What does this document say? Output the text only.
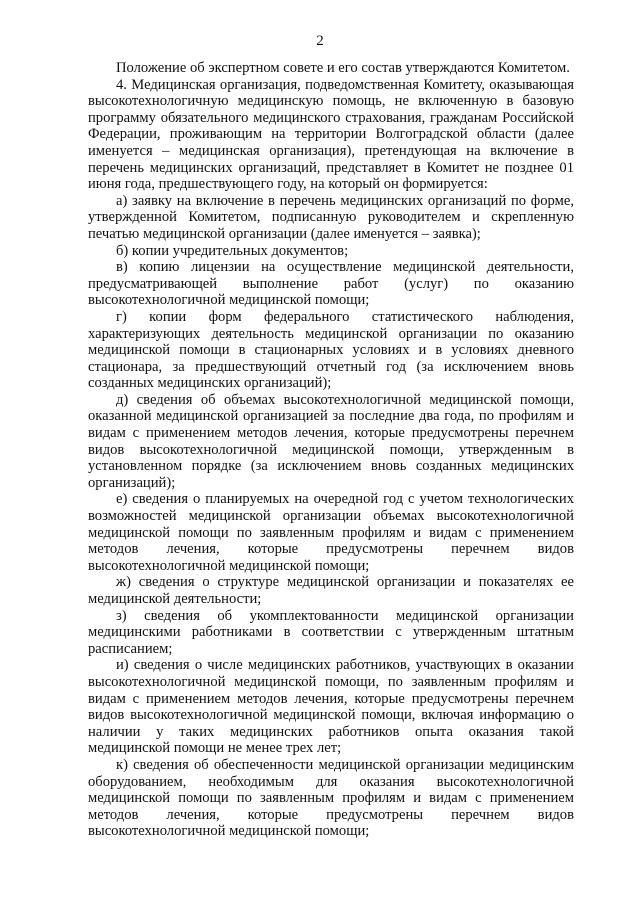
2

Положение об экспертном совете и его состав утверждаются Комитетом.

4. Медицинская организация, подведомственная Комитету, оказывающая высокотехнологичную медицинскую помощь, не включенную в базовую программу обязательного медицинского страхования, гражданам Российской Федерации, проживающим на территории Волгоградской области (далее именуется – медицинская организация), претендующая на включение в перечень медицинских организаций, представляет в Комитет не позднее 01 июня года, предшествующего году, на который он формируется:

а) заявку на включение в перечень медицинских организаций по форме, утвержденной Комитетом, подписанную руководителем и скрепленную печатью медицинской организации (далее именуется – заявка);

б) копии учредительных документов;

в) копию лицензии на осуществление медицинской деятельности, предусматривающей выполнение работ (услуг) по оказанию высокотехнологичной медицинской помощи;

г) копии форм федерального статистического наблюдения, характеризующих деятельность медицинской организации по оказанию медицинской помощи в стационарных условиях и в условиях дневного стационара, за предшествующий отчетный год (за исключением вновь созданных медицинских организаций);

д) сведения об объемах высокотехнологичной медицинской помощи, оказанной медицинской организацией за последние два года, по профилям и видам с применением методов лечения, которые предусмотрены перечнем видов высокотехнологичной медицинской помощи, утвержденным в установленном порядке (за исключением вновь созданных медицинских организаций);

е) сведения о планируемых на очередной год с учетом технологических возможностей медицинской организации объемах высокотехнологичной медицинской помощи по заявленным профилям и видам с применением методов лечения, которые предусмотрены перечнем видов высокотехнологичной медицинской помощи;

ж) сведения о структуре медицинской организации и показателях ее медицинской деятельности;

з) сведения об укомплектованности медицинской организации медицинскими работниками в соответствии с утвержденным штатным расписанием;

и) сведения о числе медицинских работников, участвующих в оказании высокотехнологичной медицинской помощи, по заявленным профилям и видам с применением методов лечения, которые предусмотрены перечнем видов высокотехнологичной медицинской помощи, включая информацию о наличии у таких медицинских работников опыта оказания такой медицинской помощи не менее трех лет;

к) сведения об обеспеченности медицинской организации медицинским оборудованием, необходимым для оказания высокотехнологичной медицинской помощи по заявленным профилям и видам с применением методов лечения, которые предусмотрены перечнем видов высокотехнологичной медицинской помощи;
